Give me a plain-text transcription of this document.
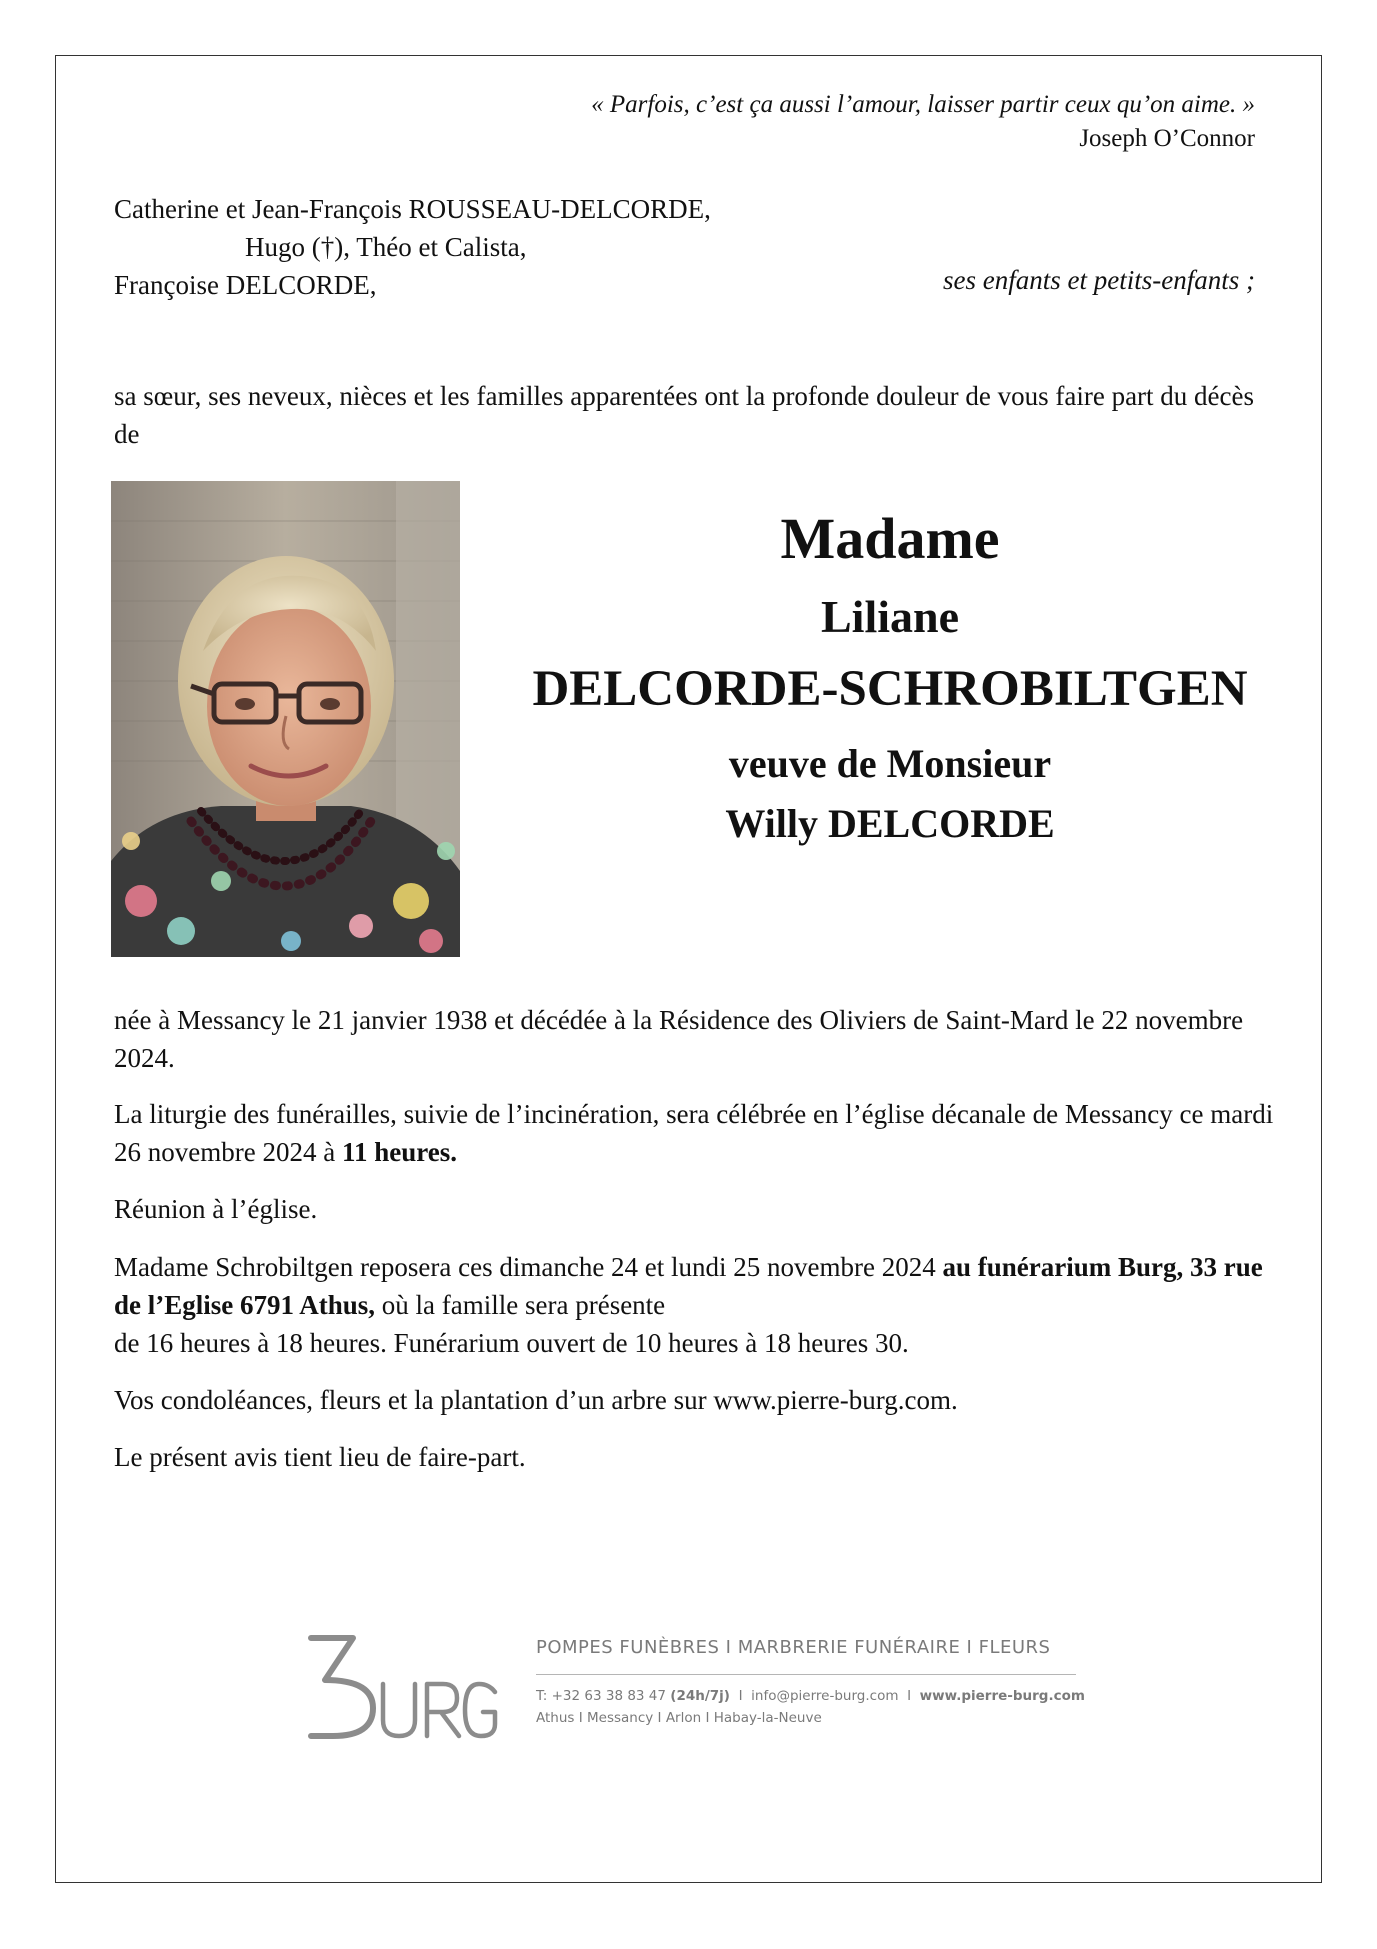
« Parfois, c’est ça aussi l’amour, laisser partir ceux qu’on aime. »
Joseph O’Connor
Catherine et Jean-François ROUSSEAU-DELCORDE,
Hugo (†), Théo et Calista,
Françoise DELCORDE,	ses enfants et petits-enfants ;
sa sœur, ses neveux, nièces et les familles apparentées ont la profonde douleur de vous faire part du décès de
Madame
Liliane
DELCORDE-SCHROBILTGEN
veuve de Monsieur
Willy DELCORDE
née à Messancy le 21 janvier 1938 et décédée à la Résidence des Oliviers de Saint-Mard le 22 novembre 2024.
La liturgie des funérailles, suivie de l’incinération, sera célébrée en l’église décanale de Messancy ce mardi 26 novembre 2024 à 11 heures.
Réunion à l’église.
Madame Schrobiltgen reposera ces dimanche 24 et lundi 25 novembre 2024 au funérarium Burg, 33 rue de l’Eglise 6791 Athus, où la famille sera présente
de 16 heures à 18 heures. Funérarium ouvert de 10 heures à 18 heures 30.
Vos condoléances, fleurs et la plantation d’un arbre sur www.pierre-burg.com.
Le présent avis tient lieu de faire-part.
POMPES FUNÈBRES I MARBRERIE FUNÉRAIRE I FLEURS
T: +32 63 38 83 47 (24h/7j)  I  info@pierre-burg.com  I  www.pierre-burg.com
Athus I Messancy I Arlon I Habay-la-Neuve
